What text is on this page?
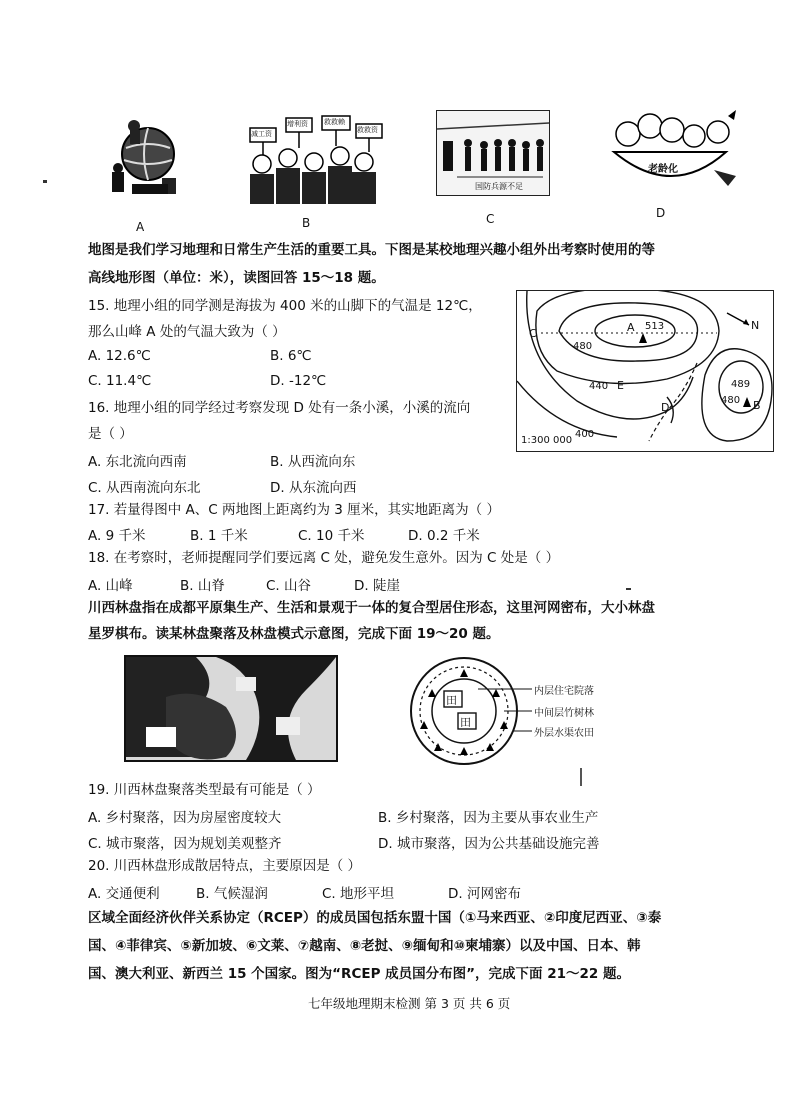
A
减工资
增利资 救救赖
救救资
B
国防兵源不足
C
老龄化
D
地图是我们学习地理和日常生产生活的重要工具。下图是某校地理兴趣小组外出考察时使用的等
高线地形图（单位：米），读图回答 15～18 题。
15. 地理小组的同学测是海拔为 400 米的山脚下的气温是 12℃，
那么山峰 A 处的气温大致为（ ）
A. 12.6℃	B. 6℃
C. 11.4℃	D. -12℃
16. 地理小组的同学经过考察发现 D 处有一条小溪，小溪的流向
是（ ）
A. 东北流向西南	B. 从西流向东
C. 从西南流向东北	D. 从东流向西
A 513
B
489
480
C
D
E
480
440
400
N
1:300 000
17. 若量得图中 A、C 两地图上距离约为 3 厘米，其实地距离为（ ）
A. 9 千米	B. 1 千米	C. 10 千米	D. 0.2 千米
18. 在考察时，老师提醒同学们要远离 C 处，避免发生意外。因为 C 处是（ ）
A. 山峰	B. 山脊	C. 山谷	D. 陡崖
川西林盘指在成都平原集生产、生活和景观于一体的复合型居住形态，这里河网密布，大小林盘
星罗棋布。读某林盘聚落及林盘模式示意图，完成下面 19～20 题。
田
田
内层住宅院落
中间层竹树林
外层水渠农田
19. 川西林盘聚落类型最有可能是（ ）
A. 乡村聚落，因为房屋密度较大	B. 乡村聚落，因为主要从事农业生产
C. 城市聚落，因为规划美观整齐	D. 城市聚落，因为公共基础设施完善
20. 川西林盘形成散居特点，主要原因是（ ）
A. 交通便利	B. 气候湿润	C. 地形平坦	D. 河网密布
区域全面经济伙伴关系协定（RCEP）的成员国包括东盟十国（①马来西亚、②印度尼西亚、③泰
国、④菲律宾、⑤新加坡、⑥文莱、⑦越南、⑧老挝、⑨缅甸和⑩柬埔寨）以及中国、日本、韩
国、澳大利亚、新西兰 15 个国家。图为“RCEP 成员国分布图”，完成下面 21～22 题。
七年级地理期末检测 第 3 页 共 6 页
